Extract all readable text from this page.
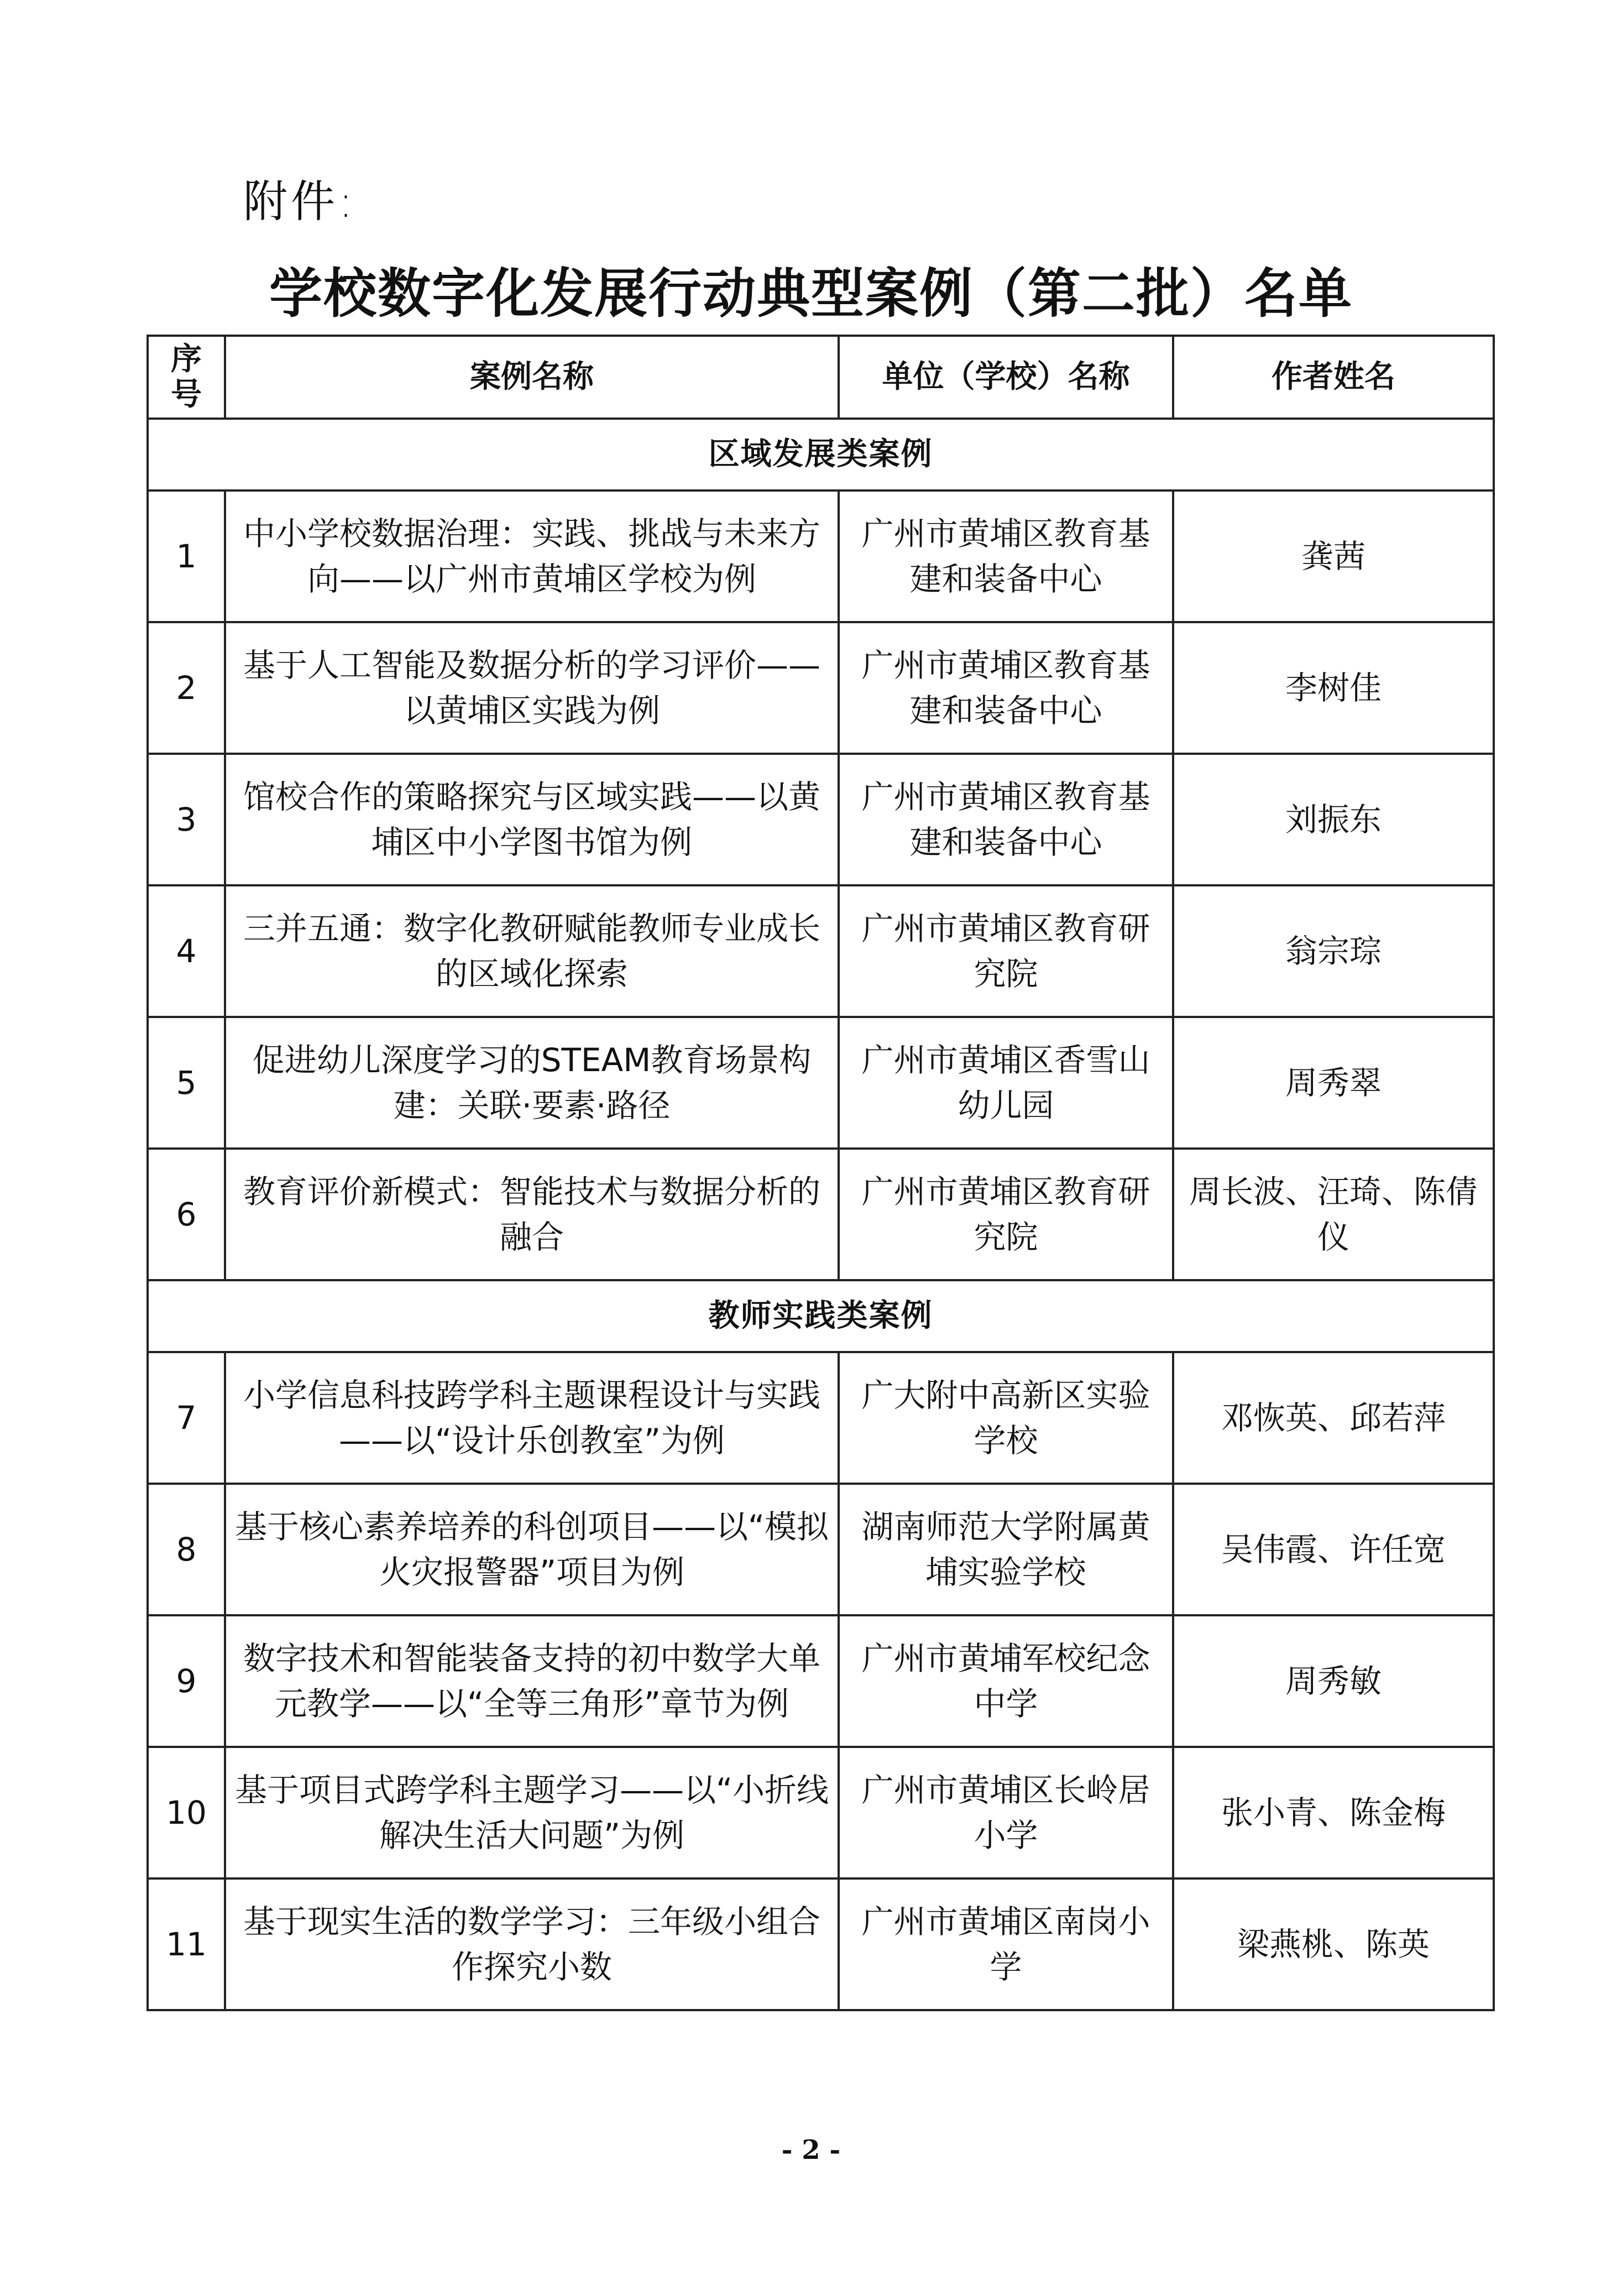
附件:
学校数字化发展行动典型案例（第二批）名单
序号	案例名称	单位（学校）名称	作者姓名
区域发展类案例			
1	中小学校数据治理：实践、挑战与未来方向——以广州市黄埔区学校为例	广州市黄埔区教育基建和装备中心	龚茜
2	基于人工智能及数据分析的学习评价——以黄埔区实践为例	广州市黄埔区教育基建和装备中心	李树佳
3	馆校合作的策略探究与区域实践——以黄埔区中小学图书馆为例	广州市黄埔区教育基建和装备中心	刘振东
4	三并五通：数字化教研赋能教师专业成长的区域化探索	广州市黄埔区教育研究院	翁宗琮
5	促进幼儿深度学习的STEAM教育场景构建：关联·要素·路径	广州市黄埔区香雪山幼儿园	周秀翠
6	教育评价新模式：智能技术与数据分析的融合	广州市黄埔区教育研究院	周长波、汪琦、陈倩仪
教师实践类案例			
7	小学信息科技跨学科主题课程设计与实践——以“设计乐创教室”为例	广大附中高新区实验学校	邓恢英、邱若萍
8	基于核心素养培养的科创项目——以“模拟火灾报警器”项目为例	湖南师范大学附属黄埔实验学校	吴伟霞、许任宽
9	数字技术和智能装备支持的初中数学大单元教学——以“全等三角形”章节为例	广州市黄埔军校纪念中学	周秀敏
10	基于项目式跨学科主题学习——以“小折线解决生活大问题”为例	广州市黄埔区长岭居小学	张小青、陈金梅
11	基于现实生活的数学学习：三年级小组合作探究小数	广州市黄埔区南岗小学	梁燕桃、陈英
- 2 -
